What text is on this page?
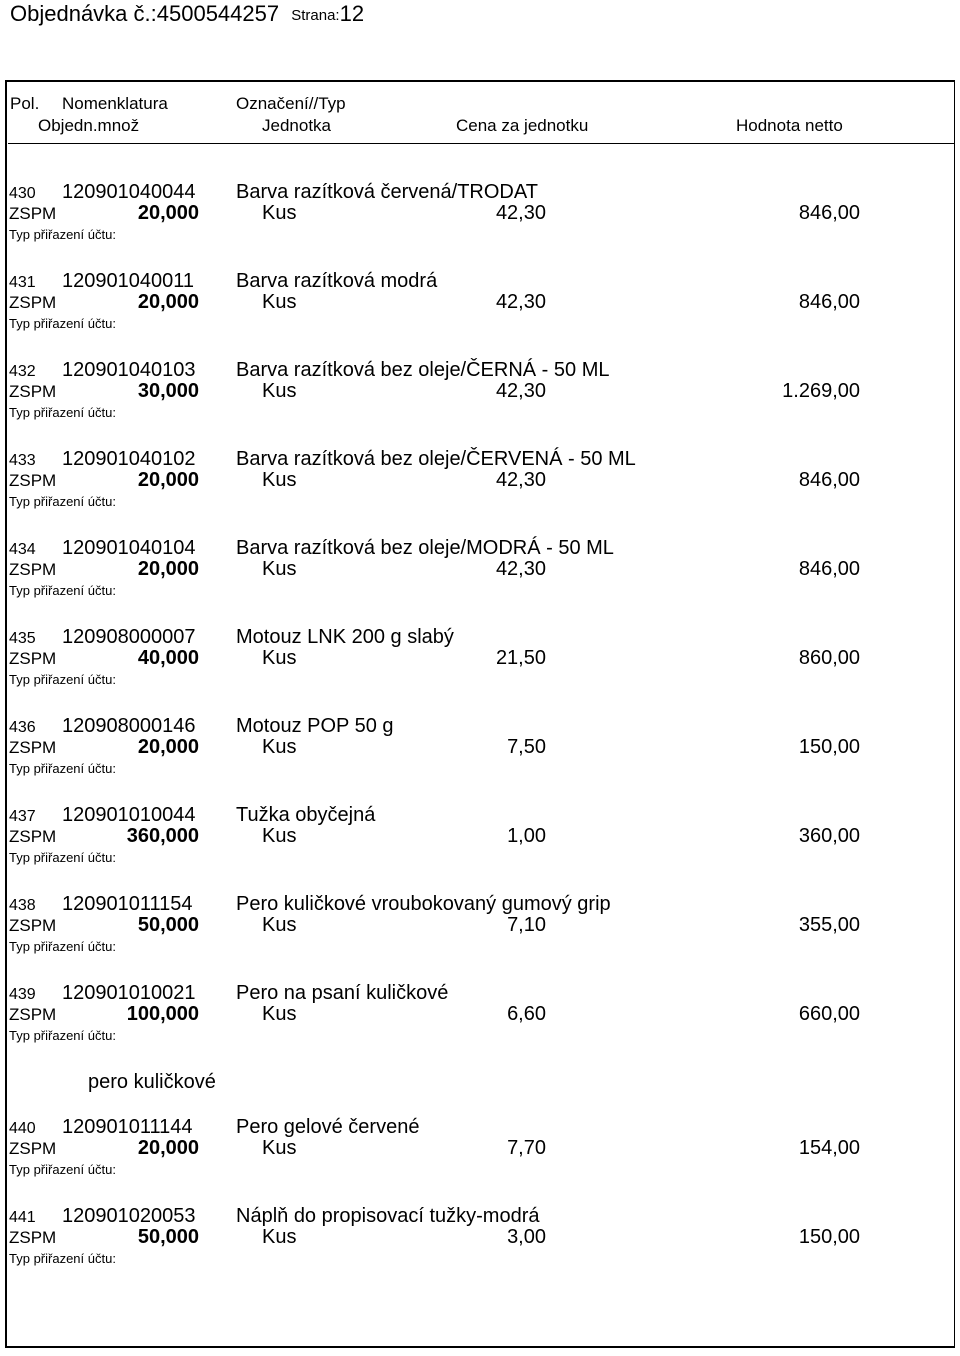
Objednávka č.:4500544257 Strana:12
Pol. Nomenklatura	Označení//Typ
Objedn.množ	Jednotka	Cena za jednotku	Hodnota netto
430 120901040044 Barva razítková červená/TRODAT
ZSPM	20,000	Kus	42,30	846,00
Typ přiřazení účtu:
431 120901040011 Barva razítková modrá
ZSPM	20,000	Kus	42,30	846,00
Typ přiřazení účtu:
432 120901040103 Barva razítková bez oleje/ČERNÁ - 50 ML
ZSPM	30,000	Kus	42,30	1.269,00
Typ přiřazení účtu:
433 120901040102 Barva razítková bez oleje/ČERVENÁ - 50 ML
ZSPM	20,000	Kus	42,30	846,00
Typ přiřazení účtu:
434 120901040104 Barva razítková bez oleje/MODRÁ - 50 ML
ZSPM	20,000	Kus	42,30	846,00
Typ přiřazení účtu:
435 120908000007 Motouz LNK 200 g slabý
ZSPM	40,000	Kus	21,50	860,00
Typ přiřazení účtu:
436 120908000146 Motouz POP 50 g
ZSPM	20,000	Kus	7,50	150,00
Typ přiřazení účtu:
437 120901010044 Tužka obyčejná
ZSPM	360,000	Kus	1,00	360,00
Typ přiřazení účtu:
438 120901011154 Pero kuličkové vroubokovaný gumový grip
ZSPM	50,000	Kus	7,10	355,00
Typ přiřazení účtu:
439 120901010021 Pero na psaní kuličkové
ZSPM	100,000	Kus	6,60	660,00
Typ přiřazení účtu:
440 120901011144 Pero gelové červené
ZSPM	20,000	Kus	7,70	154,00
Typ přiřazení účtu:
441 120901020053 Náplň do propisovací tužky-modrá
ZSPM	50,000	Kus	3,00	150,00
Typ přiřazení účtu:
pero kuličkové
